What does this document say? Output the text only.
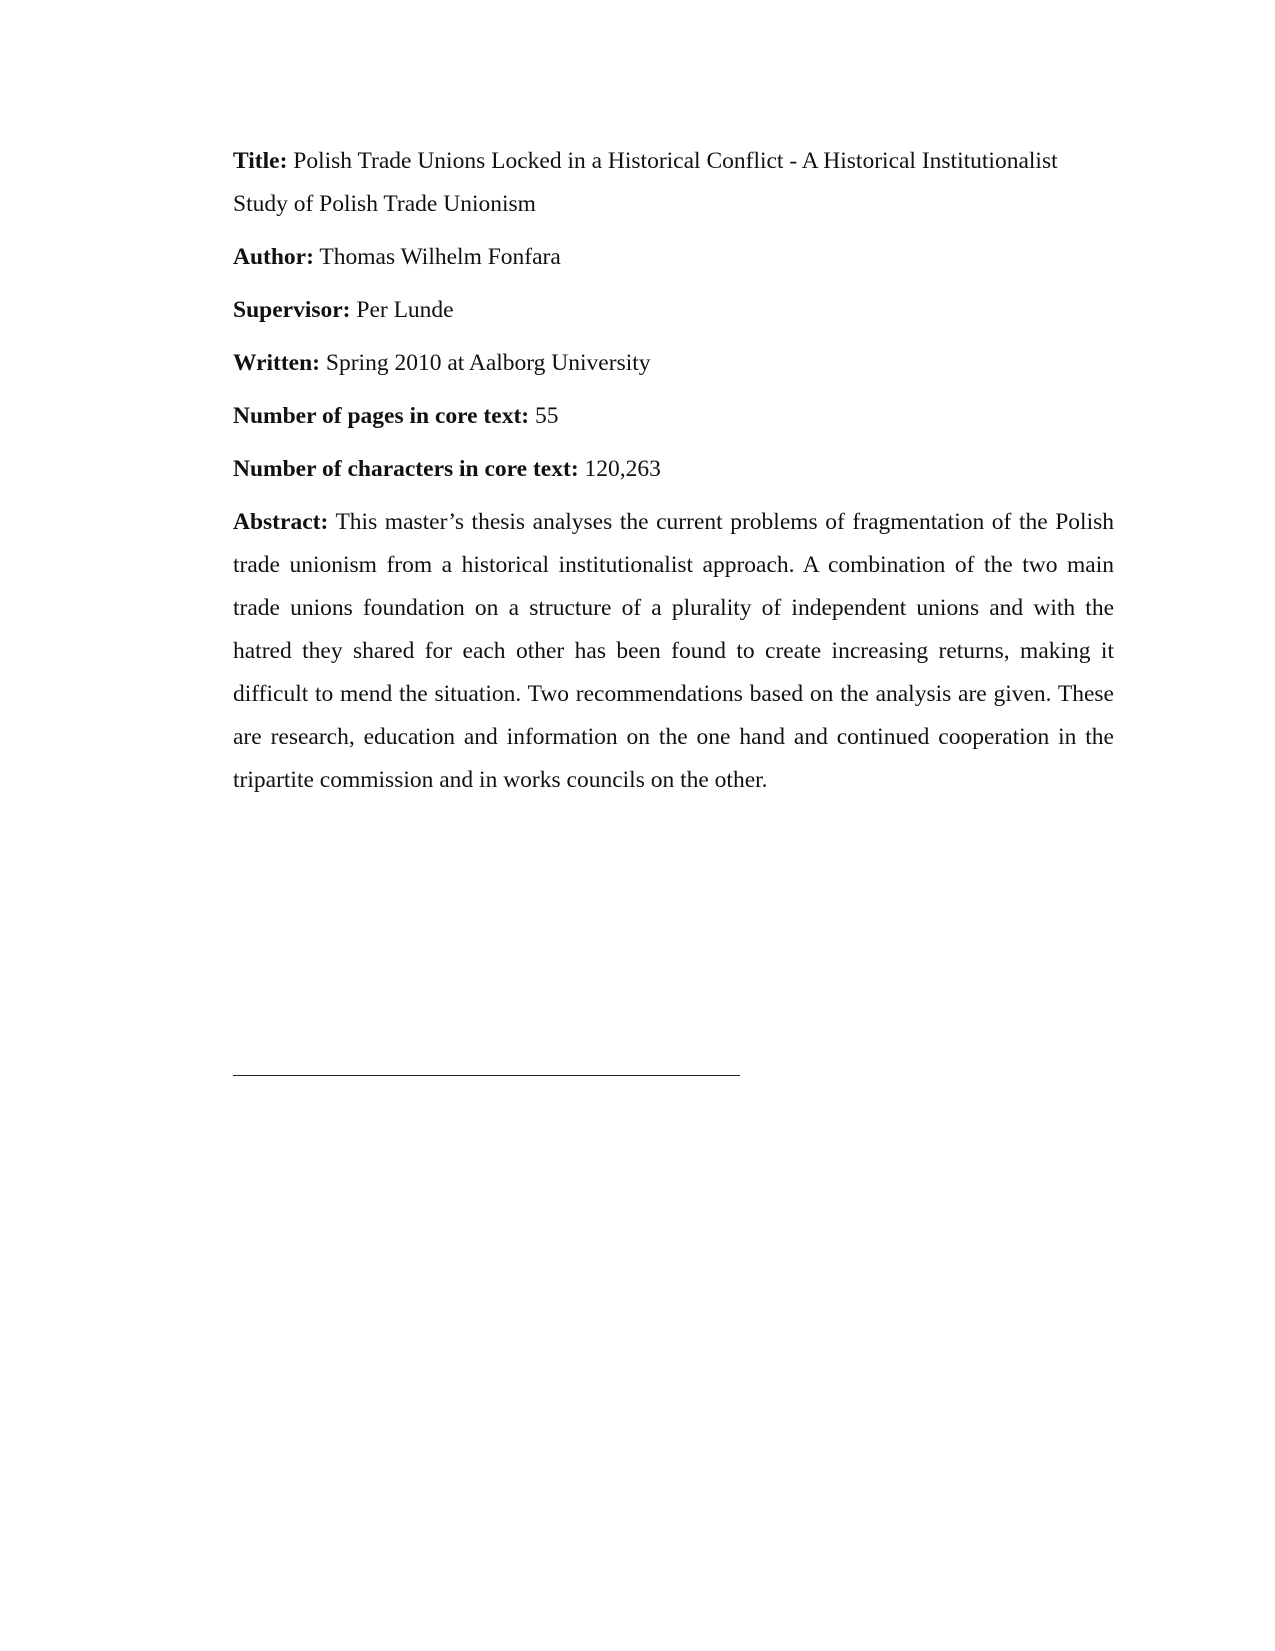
Title: Polish Trade Unions Locked in a Historical Conflict - A Historical Institutionalist Study of Polish Trade Unionism

Author: Thomas Wilhelm Fonfara

Supervisor: Per Lunde

Written: Spring 2010 at Aalborg University

Number of pages in core text: 55

Number of characters in core text: 120,263

Abstract: This master’s thesis analyses the current problems of fragmentation of the Polish trade unionism from a historical institutionalist approach. A combination of the two main trade unions foundation on a structure of a plurality of independent unions and with the hatred they shared for each other has been found to create increasing returns, making it difficult to mend the situation. Two recommendations based on the analysis are given. These are research, education and information on the one hand and continued cooperation in the tripartite commission and in works councils on the other.
